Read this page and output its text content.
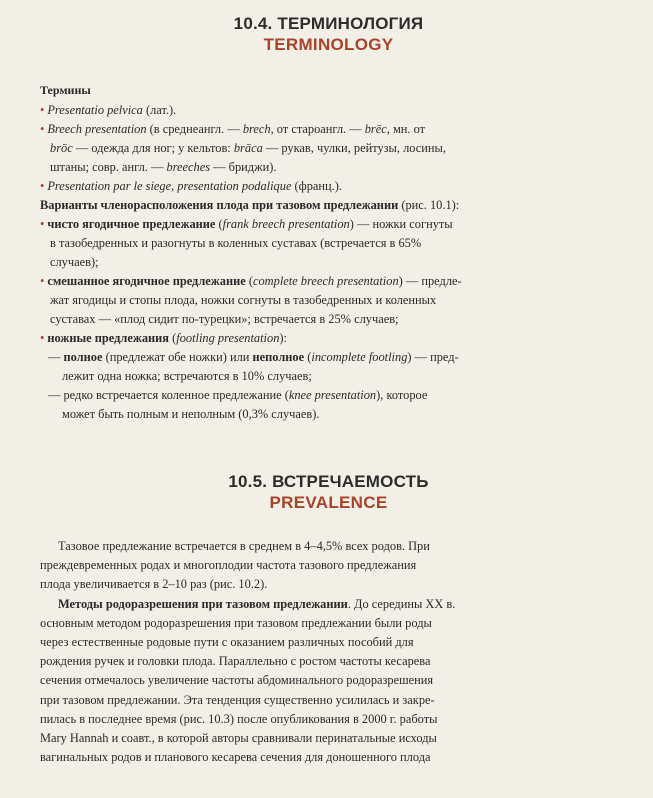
10.4. ТЕРМИНОЛОГИЯ
TERMINOLOGY

Термины

• Presentatio pelvica (лат.).

• Breech presentation (в среднеангл. — brech, от староангл. — brēc, мн. от

brōc — одежда для ног; у кельтов: brāca — рукав, чулки, рейтузы, лосины,

штаны; совр. англ. — breeches — бриджи).

• Presentation par le siege, presentation podalique (франц.).

Варианты членорасположения плода при тазовом предлежании (рис. 10.1):

• чисто ягодичное предлежание (frank breech presentation) — ножки согнуты

в тазобедренных и разогнуты в коленных суставах (встречается в 65%

случаев);

• смешанное ягодичное предлежание (complete breech presentation) — предле-

жат ягодицы и стопы плода, ножки согнуты в тазобедренных и коленных

суставах — «плод сидит по-турецки»; встречается в 25% случаев;

• ножные предлежания (footling presentation):

— полное (предлежат обе ножки) или неполное (incomplete footling) — пред-

лежит одна ножка; встречаются в 10% случаев;

— редко встречается коленное предлежание (knee presentation), которое

может быть полным и неполным (0,3% случаев).

10.5. ВСТРЕЧАЕМОСТЬ
PREVALENCE

Тазовое предлежание встречается в среднем в 4–4,5% всех родов. При

преждевременных родах и многоплодии частота тазового предлежания

плода увеличивается в 2–10 раз (рис. 10.2).

Методы родоразрешения при тазовом предлежании. До середины XX в.

основным методом родоразрешения при тазовом предлежании были роды

через естественные родовые пути с оказанием различных пособий для

рождения ручек и головки плода. Параллельно с ростом частоты кесарева

сечения отмечалось увеличение частоты абдоминального родоразрешения

при тазовом предлежании. Эта тенденция существенно усилилась и закре-

пилась в последнее время (рис. 10.3) после опубликования в 2000 г. работы

Mary Hannah и соавт., в которой авторы сравнивали перинатальные исходы

вагинальных родов и планового кесарева сечения для доношенного плода
